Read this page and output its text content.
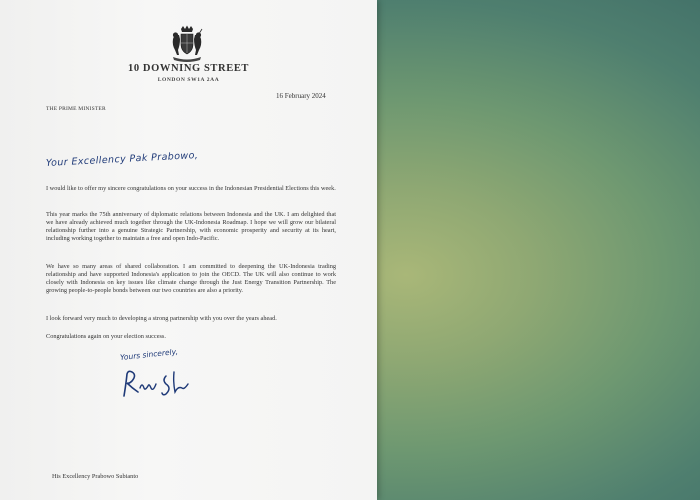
10 DOWNING STREET
LONDON SW1A 2AA
16 February 2024
THE PRIME MINISTER
Your Excellency Pak Prabowo,

I would like to offer my sincere congratulations on your success in the Indonesian Presidential Elections this week.

This year marks the 75th anniversary of diplomatic relations between Indonesia and the UK. I am delighted that we have already achieved much together through the UK-Indonesia Roadmap. I hope we will grow our bilateral relationship further into a genuine Strategic Partnership, with economic prosperity and security at its heart, including working together to maintain a free and open Indo-Pacific.

We have so many areas of shared collaboration. I am committed to deepening the UK-Indonesia trading relationship and have supported Indonesia's application to join the OECD. The UK will also continue to work closely with Indonesia on key issues like climate change through the Just Energy Transition Partnership. The growing people-to-people bonds between our two countries are also a priority.

I look forward very much to developing a strong partnership with you over the years ahead.

Congratulations again on your election success.

Yours sincerely,
His Excellency Prabowo Subianto
